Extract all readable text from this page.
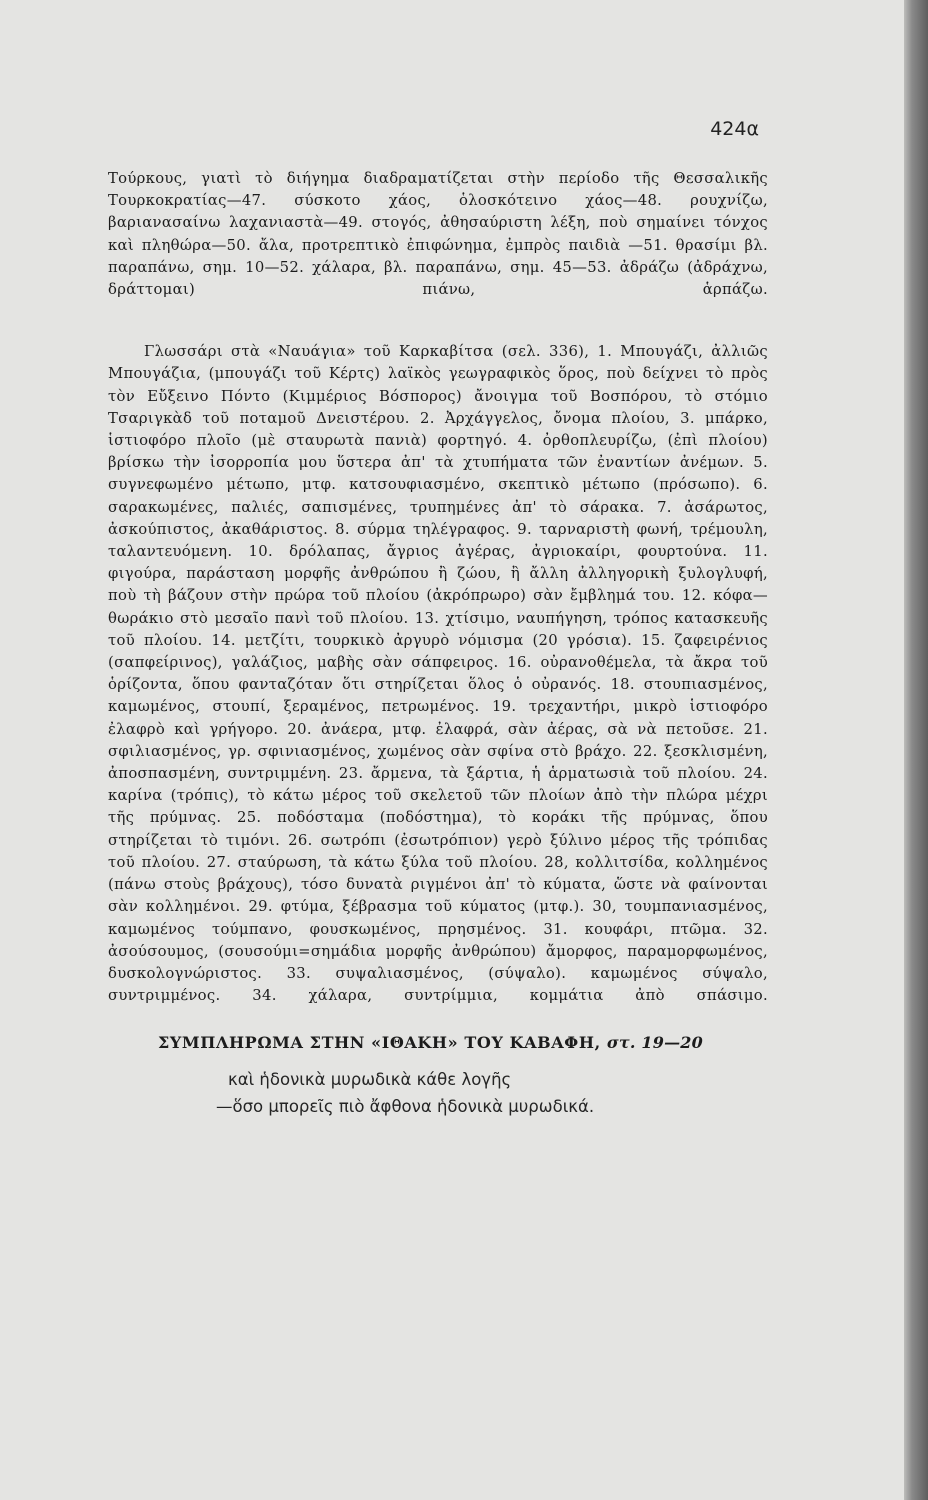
424α

Τούρκους, γιατὶ τὸ διήγημα διαδραματίζεται στὴν περίοδο τῆς Θεσσαλικῆς Τουρκοκρατίας—47. σύσκοτο χάος, ὁλοσκότεινο χάος—48. ρουχνίζω, βαριανασαίνω λαχανιαστὰ—49. στογός, ἀθησαύριστη λέξη, ποὺ σημαίνει τόνχος καὶ πληθώρα—50. ἄλα, προτρεπτικὸ ἐπιφώνημα, ἐμπρὸς παιδιὰ —51. θρασίμι βλ. παραπάνω, σημ. 10—52. χάλαρα, βλ. παραπάνω, σημ. 45—53. ἀδράζω (ἀδράχνω, δράττομαι) πιάνω, ἁρπάζω.

Γλωσσάρι στὰ «Ναυάγια» τοῦ Καρκαβίτσα (σελ. 336), 1. Μπουγάζι, ἀλλιῶς Μπουγάζια, (μπουγάζι τοῦ Κέρτς) λαϊκὸς γεωγραφικὸς ὅρος, ποὺ δείχνει τὸ πρὸς τὸν Εὔξεινο Πόντο (Κιμμέριος Βόσπορος) ἄνοιγμα τοῦ Βοσπόρου, τὸ στόμιο Τσαριγκὰδ τοῦ ποταμοῦ Δνειστέρου. 2. Ἀρχάγγελος, ὄνομα πλοίου, 3. μπάρκο, ἱστιοφόρο πλοῖο (μὲ σταυρωτὰ πανιὰ) φορτηγό. 4. ὀρθοπλευρίζω, (ἐπὶ πλοίου) βρίσκω τὴν ἰσορροπία μου ὕστερα ἀπ' τὰ χτυπήματα τῶν ἐναντίων ἀνέμων. 5. συγνεφωμένο μέτωπο, μτφ. κατσουφιασμένο, σκεπτικὸ μέτωπο (πρόσωπο). 6. σαρακωμένες, παλιές, σαπισμένες, τρυπημένες ἀπ' τὸ σάρακα. 7. ἀσάρωτος, ἀσκούπιστος, ἀκαθάριστος. 8. σύρμα τηλέγραφος. 9. ταρναριστὴ φωνή, τρέμουλη, ταλαντευόμενη. 10. δρόλαπας, ἄγριος ἀγέρας, ἀγριοκαίρι, φουρτούνα. 11. φιγούρα, παράσταση μορφῆς ἀνθρώπου ἢ ζώου, ἢ ἄλλη ἀλληγορικὴ ξυλογλυφή, ποὺ τὴ βάζουν στὴν πρώρα τοῦ πλοίου (ἀκρόπρωρο) σὰν ἔμβλημά του. 12. κόφα—θωράκιο στὸ μεσαῖο πανὶ τοῦ πλοίου. 13. χτίσιμο, ναυπήγηση, τρόπος κατασκευῆς τοῦ πλοίου. 14. μετζίτι, τουρκικὸ ἀργυρὸ νόμισμα (20 γρόσια). 15. ζαφειρένιος (σαπφείρινος), γαλάζιος, μαβὴς σὰν σάπφειρος. 16. οὐρανοθέμελα, τὰ ἄκρα τοῦ ὁρίζοντα, ὅπου φανταζόταν ὅτι στηρίζεται ὅλος ὁ οὐρανός. 18. στουπιασμένος, καμωμένος, στουπί, ξεραμένος, πετρωμένος. 19. τρεχαντήρι, μικρὸ ἱστιοφόρο ἐλαφρὸ καὶ γρήγορο. 20. ἀνάερα, μτφ. ἐλαφρά, σὰν ἀέρας, σὰ νὰ πετοῦσε. 21. σφιλιασμένος, γρ. σφινιασμένος, χωμένος σὰν σφίνα στὸ βράχο. 22. ξεσκλισμένη, ἀποσπασμένη, συντριμμένη. 23. ἄρμενα, τὰ ξάρτια, ἡ ἁρματωσιὰ τοῦ πλοίου. 24. καρίνα (τρόπις), τὸ κάτω μέρος τοῦ σκελετοῦ τῶν πλοίων ἀπὸ τὴν πλώρα μέχρι τῆς πρύμνας. 25. ποδόσταμα (ποδόστημα), τὸ κοράκι τῆς πρύμνας, ὅπου στηρίζεται τὸ τιμόνι. 26. σωτρόπι (ἐσωτρόπιον) γερὸ ξύλινο μέρος τῆς τρόπιδας τοῦ πλοίου. 27. σταύρωση, τὰ κάτω ξύλα τοῦ πλοίου. 28, κολλιτσίδα, κολλημένος (πάνω στοὺς βράχους), τόσο δυνατὰ ριγμένοι ἀπ' τὸ κύματα, ὥστε νὰ φαίνονται σὰν κολλημένοι. 29. φτύμα, ξέβρασμα τοῦ κύματος (μτφ.). 30, τουμπανιασμένος, καμωμένος τούμπανο, φουσκωμένος, πρησμένος. 31. κουφάρι, πτῶμα. 32. ἀσούσουμος, (σουσούμι=σημάδια μορφῆς ἀνθρώπου) ἄμορφος, παραμορφωμένος, δυσκολογνώριστος. 33. συψαλιασμένος, (σύψαλο). καμωμένος σύψαλο, συντριμμένος. 34. χάλαρα, συντρίμμια, κομμάτια ἀπὸ σπάσιμο.

ΣΥΜΠΛΗΡΩΜΑ ΣΤΗΝ «ΙΘΑΚΗ» ΤΟΥ ΚΑΒΑΦΗ, στ. 19—20
καὶ ἡδονικὰ μυρωδικὰ κάθε λογῆς
—ὅσο μπορεῖς πιὸ ἄφθονα ἡδονικὰ μυρωδικά.
